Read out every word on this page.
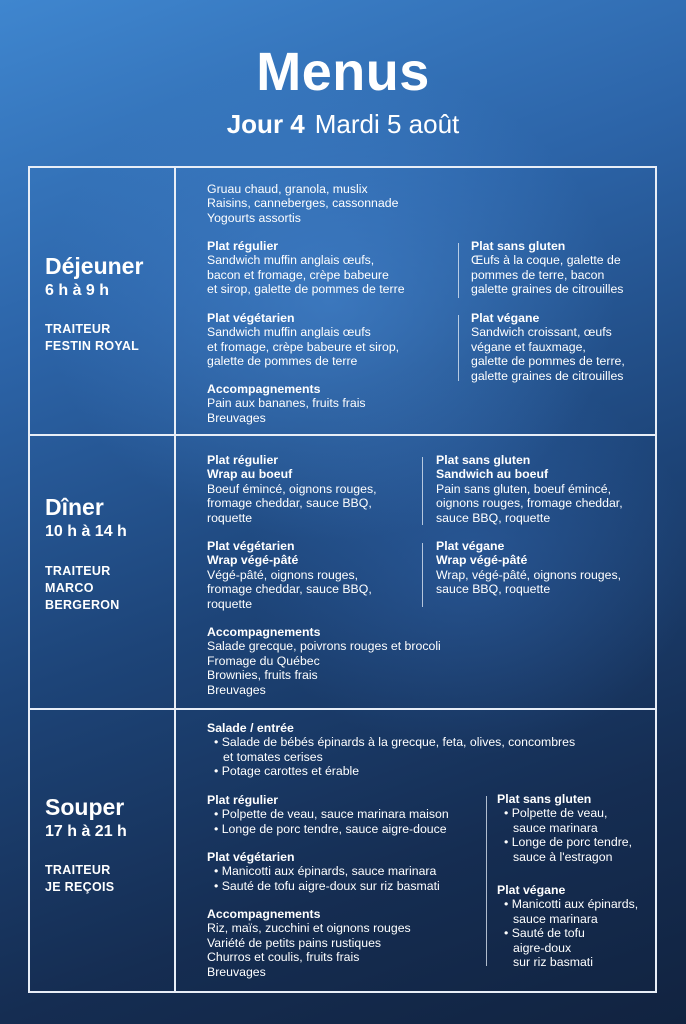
Menus
Jour 4 Mardi 5 août
Déjeuner
6 h à 9 h
TRAITEUR
FESTIN ROYAL
Gruau chaud, granola, muslix
Raisins, canneberges, cassonnade
Yogourts assortis
Plat régulier
Sandwich muffin anglais œufs,
bacon et fromage, crèpe babeure
et sirop, galette de pommes de terre
Plat sans gluten
Œufs à la coque, galette de
pommes de terre, bacon
galette graines de citrouilles
Plat végétarien
Sandwich muffin anglais œufs
et fromage, crèpe babeure et sirop,
galette de pommes de terre
Plat végane
Sandwich croissant, œufs
végane et fauxmage,
galette de pommes de terre,
galette graines de citrouilles
Accompagnements
Pain aux bananes, fruits frais
Breuvages
Dîner
10 h à 14 h
TRAITEUR
MARCO
BERGERON
Plat régulier
Wrap au boeuf
Boeuf émincé, oignons rouges,
fromage cheddar, sauce BBQ,
roquette
Plat sans gluten
Sandwich au boeuf
Pain sans gluten, boeuf émincé,
oignons rouges, fromage cheddar,
sauce BBQ, roquette
Plat végétarien
Wrap végé-pâté
Végé-pâté, oignons rouges,
fromage cheddar, sauce BBQ,
roquette
Plat végane
Wrap végé-pâté
Wrap, végé-pâté, oignons rouges,
sauce BBQ, roquette
Accompagnements
Salade grecque, poivrons rouges et brocoli
Fromage du Québec
Brownies, fruits frais
Breuvages
Souper
17 h à 21 h
TRAITEUR
JE REÇOIS
Salade / entrée
• Salade de bébés épinards à la grecque, feta, olives, concombres
et tomates cerises
• Potage carottes et érable
Plat régulier
• Polpette de veau, sauce marinara maison
• Longe de porc tendre, sauce aigre-douce
Plat végétarien
• Manicotti aux épinards, sauce marinara
• Sauté de tofu aigre-doux sur riz basmati
Accompagnements
Riz, maïs, zucchini et oignons rouges
Variété de petits pains rustiques
Churros et coulis, fruits frais
Breuvages
Plat sans gluten
• Polpette de veau,
sauce marinara
• Longe de porc tendre,
sauce à l'estragon
Plat végane
• Manicotti aux épinards,
sauce marinara
• Sauté de tofu
aigre-doux
sur riz basmati
